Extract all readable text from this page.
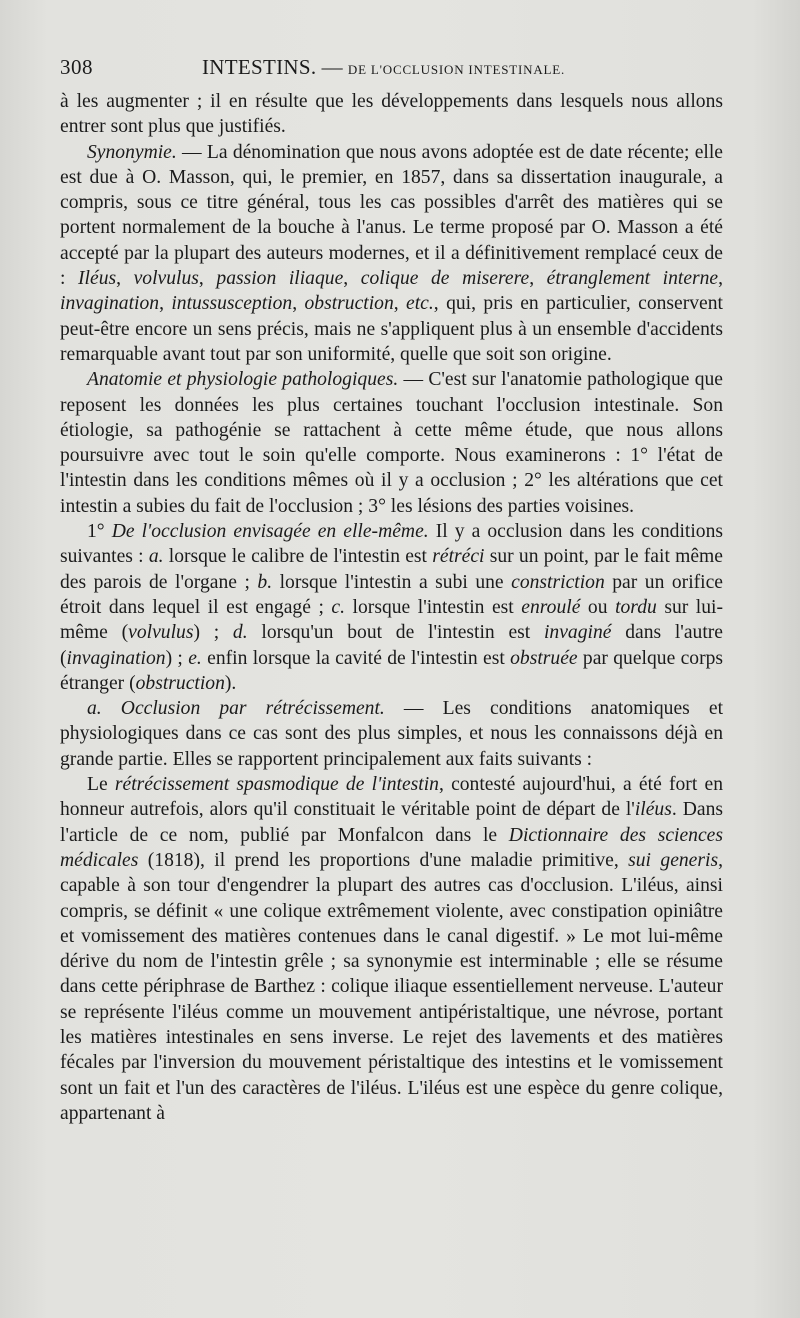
308	INTESTINS. — DE L'OCCLUSION INTESTINALE.

à les augmenter ; il en résulte que les développements dans lesquels nous allons entrer sont plus que justifiés.

Synonymie. — La dénomination que nous avons adoptée est de date récente; elle est due à O. Masson, qui, le premier, en 1857, dans sa dissertation inaugurale, a compris, sous ce titre général, tous les cas possibles d'arrêt des matières qui se portent normalement de la bouche à l'anus. Le terme proposé par O. Masson a été accepté par la plupart des auteurs modernes, et il a définitivement remplacé ceux de : Iléus, volvulus, passion iliaque, colique de miserere, étranglement interne, invagination, intussusception, obstruction, etc., qui, pris en particulier, conservent peut-être encore un sens précis, mais ne s'appliquent plus à un ensemble d'accidents remarquable avant tout par son uniformité, quelle que soit son origine.

Anatomie et physiologie pathologiques. — C'est sur l'anatomie pathologique que reposent les données les plus certaines touchant l'occlusion intestinale. Son étiologie, sa pathogénie se rattachent à cette même étude, que nous allons poursuivre avec tout le soin qu'elle comporte. Nous examinerons : 1° l'état de l'intestin dans les conditions mêmes où il y a occlusion ; 2° les altérations que cet intestin a subies du fait de l'occlusion ; 3° les lésions des parties voisines.

1° De l'occlusion envisagée en elle-même. Il y a occlusion dans les conditions suivantes : a. lorsque le calibre de l'intestin est rétréci sur un point, par le fait même des parois de l'organe ; b. lorsque l'intestin a subi une constriction par un orifice étroit dans lequel il est engagé ; c. lorsque l'intestin est enroulé ou tordu sur lui-même (volvulus) ; d. lorsqu'un bout de l'intestin est invaginé dans l'autre (invagination) ; e. enfin lorsque la cavité de l'intestin est obstruée par quelque corps étranger (obstruction).

a. Occlusion par rétrécissement. — Les conditions anatomiques et physiologiques dans ce cas sont des plus simples, et nous les connaissons déjà en grande partie. Elles se rapportent principalement aux faits suivants :

Le rétrécissement spasmodique de l'intestin, contesté aujourd'hui, a été fort en honneur autrefois, alors qu'il constituait le véritable point de départ de l'iléus. Dans l'article de ce nom, publié par Monfalcon dans le Dictionnaire des sciences médicales (1818), il prend les proportions d'une maladie primitive, sui generis, capable à son tour d'engendrer la plupart des autres cas d'occlusion. L'iléus, ainsi compris, se définit « une colique extrêmement violente, avec constipation opiniâtre et vomissement des matières contenues dans le canal digestif. » Le mot lui-même dérive du nom de l'intestin grêle ; sa synonymie est interminable ; elle se résume dans cette périphrase de Barthez : colique iliaque essentiellement nerveuse. L'auteur se représente l'iléus comme un mouvement antipéristaltique, une névrose, portant les matières intestinales en sens inverse. Le rejet des lavements et des matières fécales par l'inversion du mouvement péristaltique des intestins et le vomissement sont un fait et l'un des caractères de l'iléus. L'iléus est une espèce du genre colique, appartenant à
